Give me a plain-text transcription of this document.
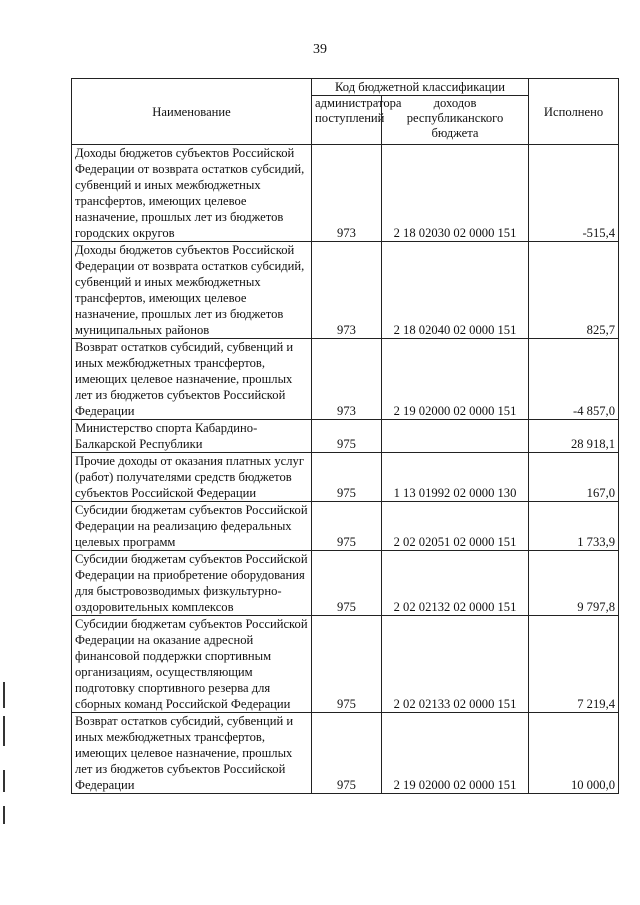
39
Наименование	Код бюджетной классификации		Исполнено
	администратора поступлений	доходов республиканского бюджета	
Доходы бюджетов субъектов Российской Федерации от возврата остатков субсидий, субвенций и иных межбюджетных трансфертов, имеющих целевое назначение, прошлых лет из бюджетов городских округов	973	2 18 02030 02 0000 151	-515,4
Доходы бюджетов субъектов Российской Федерации от возврата остатков субсидий, субвенций и иных межбюджетных трансфертов, имеющих целевое назначение, прошлых лет из бюджетов муниципальных районов	973	2 18 02040 02 0000 151	825,7
Возврат остатков субсидий, субвенций и иных межбюджетных трансфертов, имеющих целевое назначение, прошлых лет из бюджетов субъектов Российской Федерации	973	2 19 02000 02 0000 151	-4 857,0
Министерство спорта Кабардино-Балкарской Республики	975		28 918,1
Прочие доходы от оказания платных услуг (работ) получателями средств бюджетов субъектов Российской Федерации	975	1 13 01992 02 0000 130	167,0
Субсидии бюджетам субъектов Российской Федерации на реализацию федеральных целевых программ	975	2 02 02051 02 0000 151	1 733,9
Субсидии бюджетам субъектов Российской Федерации на приобретение оборудования для быстровозводимых физкультурно-оздоровительных комплексов	975	2 02 02132 02 0000 151	9 797,8
Субсидии бюджетам субъектов Российской Федерации на оказание адресной финансовой поддержки спортивным организациям, осуществляющим подготовку спортивного резерва для сборных команд Российской Федерации	975	2 02 02133 02 0000 151	7 219,4
Возврат остатков субсидий, субвенций и иных межбюджетных трансфертов, имеющих целевое назначение, прошлых лет из бюджетов субъектов Российской Федерации	975	2 19 02000 02 0000 151	10 000,0
